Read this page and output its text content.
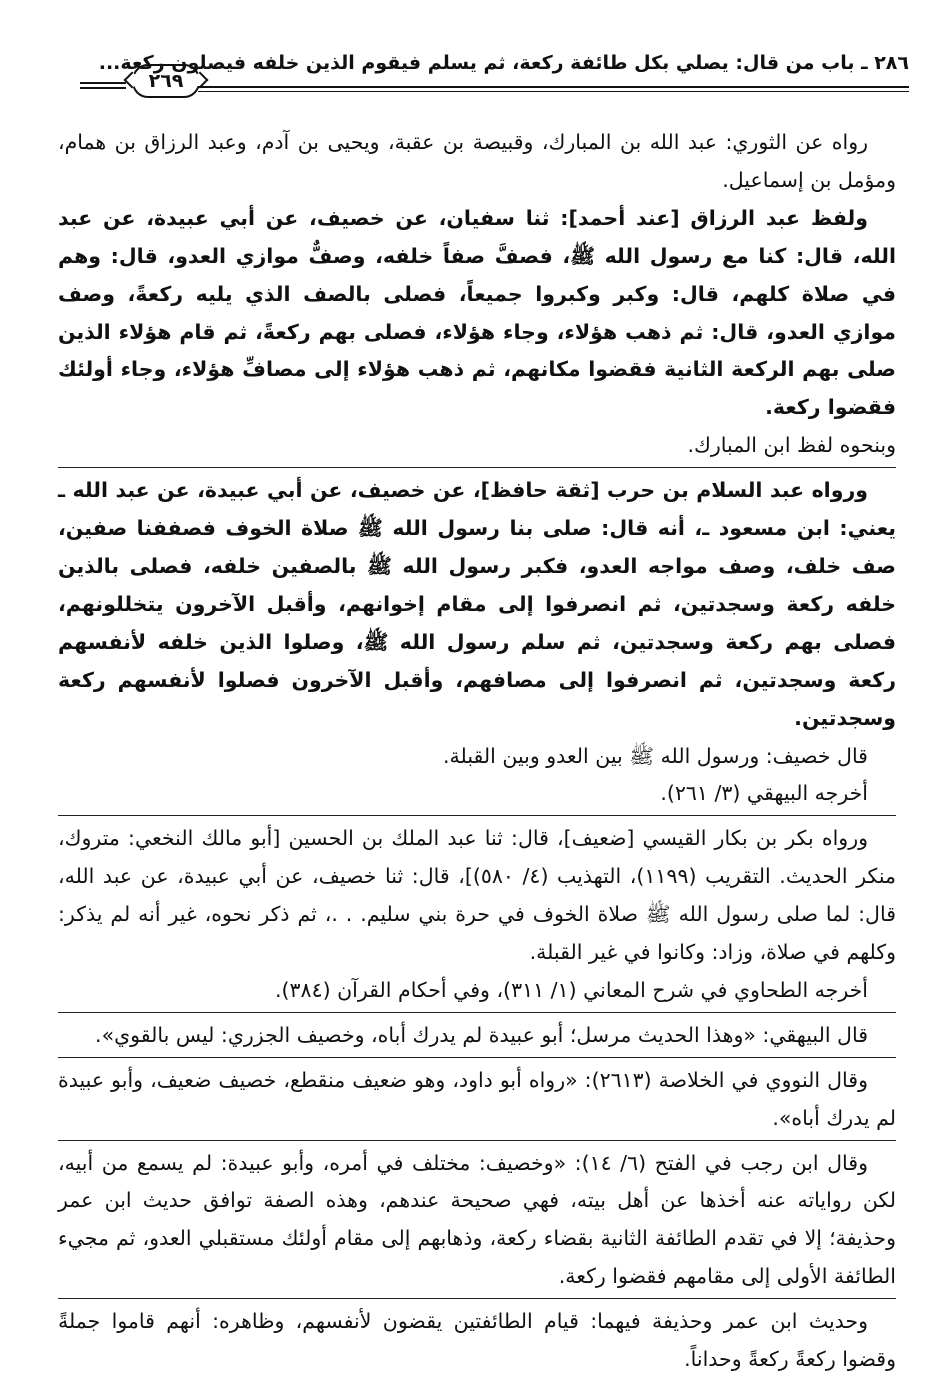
٢٦٩
٢٨٦ ـ باب من قال: يصلي بكل طائفة ركعة، ثم يسلم فيقوم الذين خلفه فيصلون ركعة...

رواه عن الثوري: عبد الله بن المبارك، وقبيصة بن عقبة، ويحيى بن آدم، وعبد الرزاق بن همام، ومؤمل بن إسماعيل.

ولفظ عبد الرزاق [عند أحمد]: ثنا سفيان، عن خصيف، عن أبي عبيدة، عن عبد الله، قال: كنا مع رسول الله ﷺ، فصفَّ صفاً خلفه، وصفٌّ موازي العدو، قال: وهم في صلاة كلهم، قال: وكبر وكبروا جميعاً، فصلى بالصف الذي يليه ركعةً، وصف موازي العدو، قال: ثم ذهب هؤلاء، وجاء هؤلاء، فصلى بهم ركعةً، ثم قام هؤلاء الذين صلى بهم الركعة الثانية فقضوا مكانهم، ثم ذهب هؤلاء إلى مصافِّ هؤلاء، وجاء أولئك فقضوا ركعة.

وبنحوه لفظ ابن المبارك.

ورواه عبد السلام بن حرب [ثقة حافظ]، عن خصيف، عن أبي عبيدة، عن عبد الله ـ يعني: ابن مسعود ـ، أنه قال: صلى بنا رسول الله ﷺ صلاة الخوف فصففنا صفين، صف خلف، وصف مواجه العدو، فكبر رسول الله ﷺ بالصفين خلفه، فصلى بالذين خلفه ركعة وسجدتين، ثم انصرفوا إلى مقام إخوانهم، وأقبل الآخرون يتخللونهم، فصلى بهم ركعة وسجدتين، ثم سلم رسول الله ﷺ، وصلوا الذين خلفه لأنفسهم ركعة وسجدتين، ثم انصرفوا إلى مصافهم، وأقبل الآخرون فصلوا لأنفسهم ركعة وسجدتين.

قال خصيف: ورسول الله ﷺ بين العدو وبين القبلة.

أخرجه البيهقي (٣/ ٢٦١).

ورواه بكر بن بكار القيسي [ضعيف]، قال: ثنا عبد الملك بن الحسين [أبو مالك النخعي: متروك، منكر الحديث. التقريب (١١٩٩)، التهذيب (٤/ ٥٨٠)]، قال: ثنا خصيف، عن أبي عبيدة، عن عبد الله، قال: لما صلى رسول الله ﷺ صلاة الخوف في حرة بني سليم. . .، ثم ذكر نحوه، غير أنه لم يذكر: وكلهم في صلاة، وزاد: وكانوا في غير القبلة.

أخرجه الطحاوي في شرح المعاني (١/ ٣١١)، وفي أحكام القرآن (٣٨٤).

قال البيهقي: «وهذا الحديث مرسل؛ أبو عبيدة لم يدرك أباه، وخصيف الجزري: ليس بالقوي».

وقال النووي في الخلاصة (٢٦١٣): «رواه أبو داود، وهو ضعيف منقطع، خصيف ضعيف، وأبو عبيدة لم يدرك أباه».

وقال ابن رجب في الفتح (٦/ ١٤): «وخصيف: مختلف في أمره، وأبو عبيدة: لم يسمع من أبيه، لكن رواياته عنه أخذها عن أهل بيته، فهي صحيحة عندهم، وهذه الصفة توافق حديث ابن عمر وحذيفة؛ إلا في تقدم الطائفة الثانية بقضاء ركعة، وذهابهم إلى مقام أولئك مستقبلي العدو، ثم مجيء الطائفة الأولى إلى مقامهم فقضوا ركعة.

وحديث ابن عمر وحذيفة فيهما: قيام الطائفتين يقضون لأنفسهم، وظاهره: أنهم قاموا جملةً وقضوا ركعةً ركعةً وحداناً.
